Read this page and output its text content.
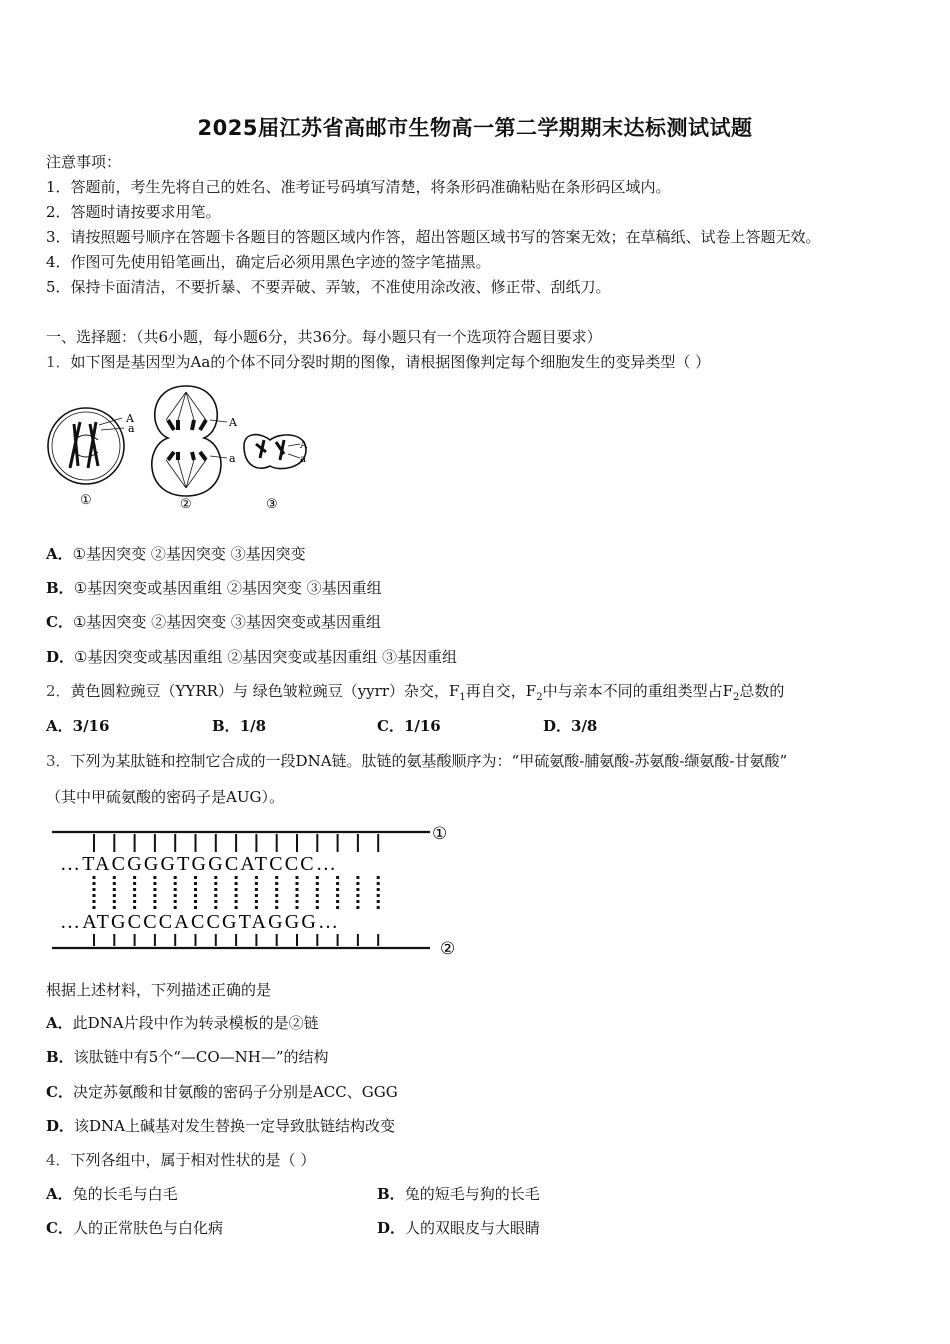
2025届江苏省高邮市生物高一第二学期期末达标测试试题
注意事项：
1．答题前，考生先将自己的姓名、准考证号码填写清楚，将条形码准确粘贴在条形码区域内。
2．答题时请按要求用笔。
3．请按照题号顺序在答题卡各题目的答题区域内作答，超出答题区域书写的答案无效；在草稿纸、试卷上答题无效。
4．作图可先使用铅笔画出，确定后必须用黑色字迹的签字笔描黑。
5．保持卡面清洁，不要折暴、不要弄破、弄皱，不准使用涂改液、修正带、刮纸刀。
一、选择题：（共6小题，每小题6分，共36分。每小题只有一个选项符合题目要求）
1．如下图是基因型为Aa的个体不同分裂时期的图像，请根据图像判定每个细胞发生的变异类型（ ）
A
a
①
A
a
②
A
a
③
A．①基因突变 ②基因突变 ③基因突变
B．①基因突变或基因重组 ②基因突变 ③基因重组
C．①基因突变 ②基因突变 ③基因突变或基因重组
D．①基因突变或基因重组 ②基因突变或基因重组 ③基因重组
2．黄色圆粒豌豆（YYRR）与 绿色皱粒豌豆（yyrr）杂交，$F_1$再自交，$F_2$中与亲本不同的重组类型占$F_2$总数的
A．3/16	B．1/8	C．1/16	D．3/8
3．下列为某肽链和控制它合成的一段DNA链。肽链的氨基酸顺序为：“甲硫氨酸-脯氨酸-苏氨酸-缬氨酸-甘氨酸”
（其中甲硫氨酸的密码子是AUG）。
…TACGGGTGGCATCCC…
…ATGCCCACCGTAGGG…
①
②
根据上述材料，下列描述正确的是
A．此DNA片段中作为转录模板的是②链
B．该肽链中有5个“—CO—NH—”的结构
C．决定苏氨酸和甘氨酸的密码子分别是ACC、GGG
D．该DNA上碱基对发生替换一定导致肽链结构改变
4．下列各组中，属于相对性状的是（ ）
A．兔的长毛与白毛	B．兔的短毛与狗的长毛
C．人的正常肤色与白化病	D．人的双眼皮与大眼睛
